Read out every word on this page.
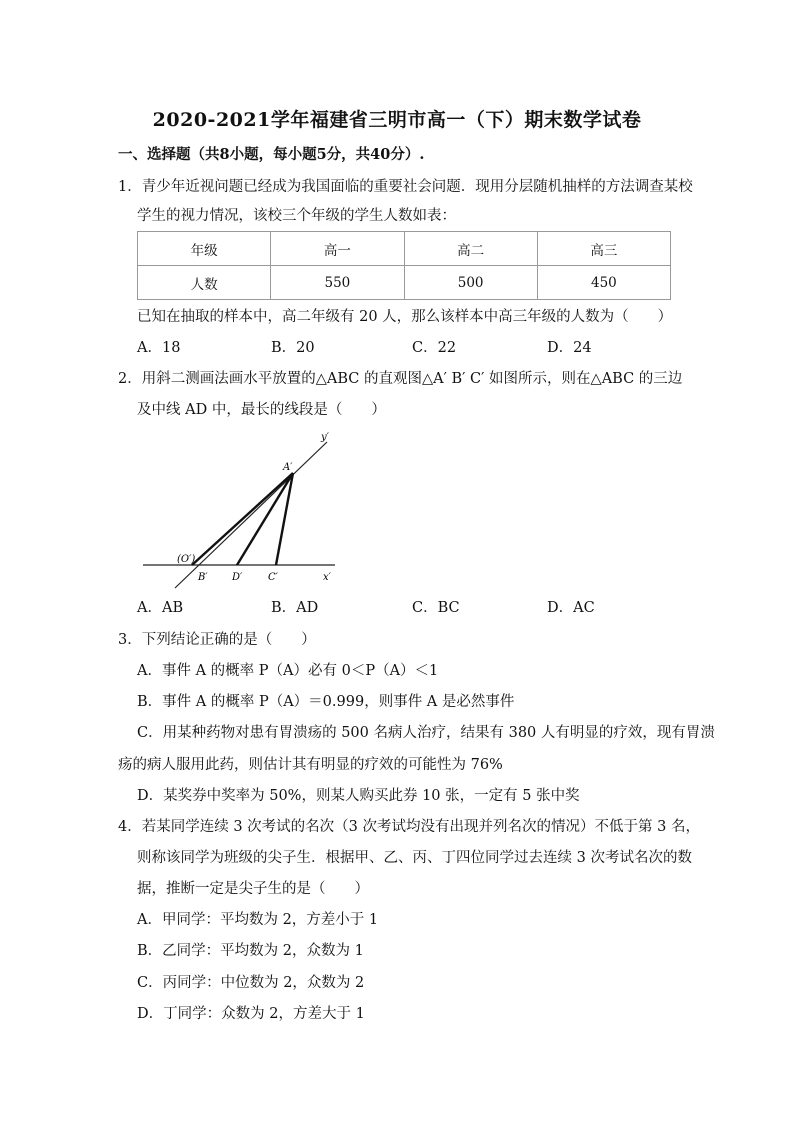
2020-2021学年福建省三明市高一（下）期末数学试卷
一、选择题（共8小题，每小题5分，共40分）.
1．青少年近视问题已经成为我国面临的重要社会问题．现用分层随机抽样的方法调查某校
学生的视力情况，该校三个年级的学生人数如表：
年级	高一	高二	高三
人数	550	500	450
已知在抽取的样本中，高二年级有 20 人，那么该样本中高三年级的人数为（　　）
A．18	B．20	C．22	D．24
2．用斜二测画法画水平放置的△ABC 的直观图△A′ B′ C′ 如图所示，则在△ABC 的三边
及中线 AD 中，最长的线段是（　　）
y′
A′
(O′)
B′ D′	C′	x′
A．AB	B．AD	C．BC	D．AC
3．下列结论正确的是（　　）
A．事件 A 的概率 P（A）必有 0＜P（A）＜1
B．事件 A 的概率 P（A）＝0.999，则事件 A 是必然事件
C．用某种药物对患有胃溃疡的 500 名病人治疗，结果有 380 人有明显的疗效，现有胃溃
疡的病人服用此药，则估计其有明显的疗效的可能性为 76%
D．某奖券中奖率为 50%，则某人购买此券 10 张，一定有 5 张中奖
4．若某同学连续 3 次考试的名次（3 次考试均没有出现并列名次的情况）不低于第 3 名，
则称该同学为班级的尖子生．根据甲、乙、丙、丁四位同学过去连续 3 次考试名次的数
据，推断一定是尖子生的是（　　）
A．甲同学：平均数为 2，方差小于 1
B．乙同学：平均数为 2，众数为 1
C．丙同学：中位数为 2，众数为 2
D．丁同学：众数为 2，方差大于 1
